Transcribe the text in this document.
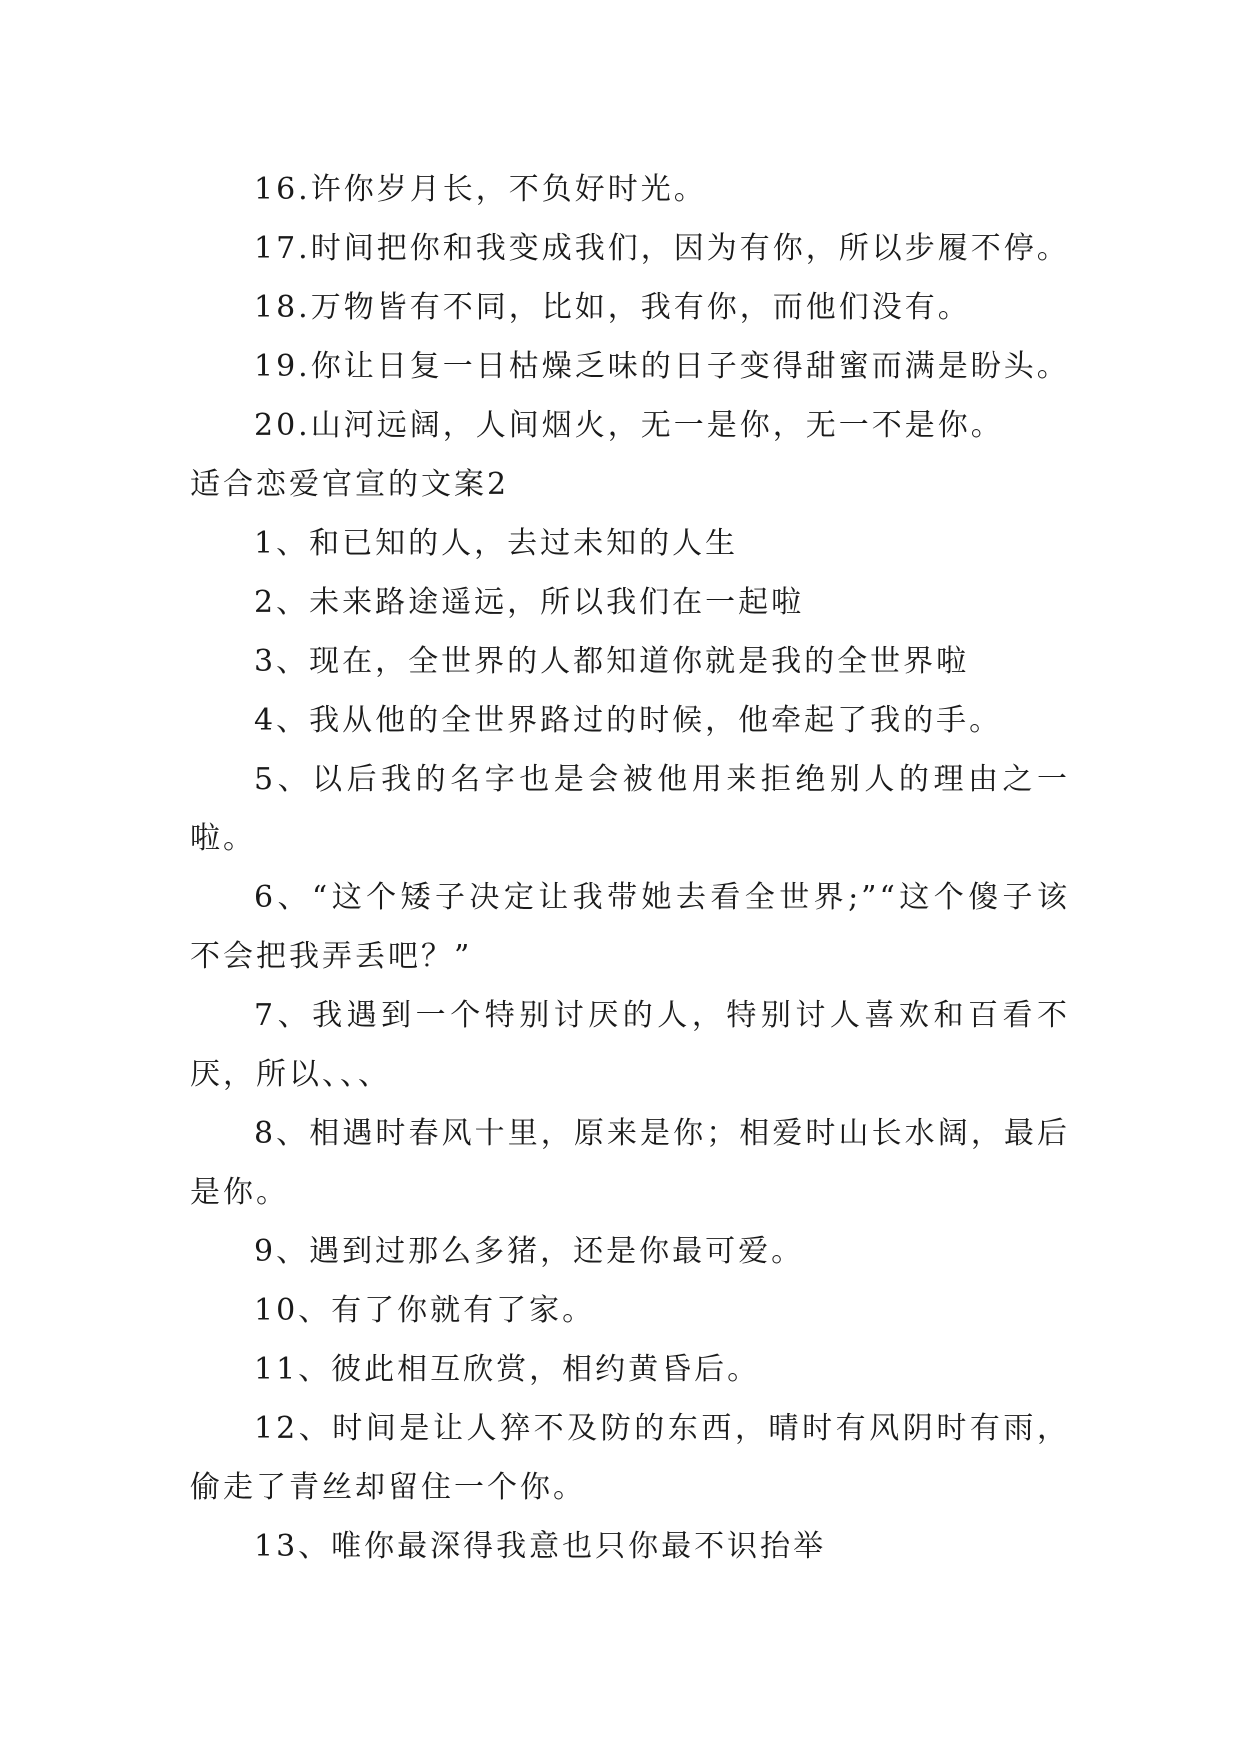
16.许你岁月长，不负好时光。
17.时间把你和我变成我们，因为有你，所以步履不停。
18.万物皆有不同，比如，我有你，而他们没有。
19.你让日复一日枯燥乏味的日子变得甜蜜而满是盼头。
20.山河远阔，人间烟火，无一是你，无一不是你。
适合恋爱官宣的文案2
1、和已知的人，去过未知的人生
2、未来路途遥远，所以我们在一起啦
3、现在，全世界的人都知道你就是我的全世界啦
4、我从他的全世界路过的时候，他牵起了我的手。
5、以后我的名字也是会被他用来拒绝别人的理由之一啦。
6、“这个矮子决定让我带她去看全世界;”“这个傻子该不会把我弄丢吧？”
7、我遇到一个特别讨厌的人，特别讨人喜欢和百看不厌，所以、、、
8、相遇时春风十里，原来是你；相爱时山长水阔，最后是你。
9、遇到过那么多猪，还是你最可爱。
10、有了你就有了家。
11、彼此相互欣赏，相约黄昏后。
12、时间是让人猝不及防的东西，晴时有风阴时有雨，偷走了青丝却留住一个你。
13、唯你最深得我意也只你最不识抬举
